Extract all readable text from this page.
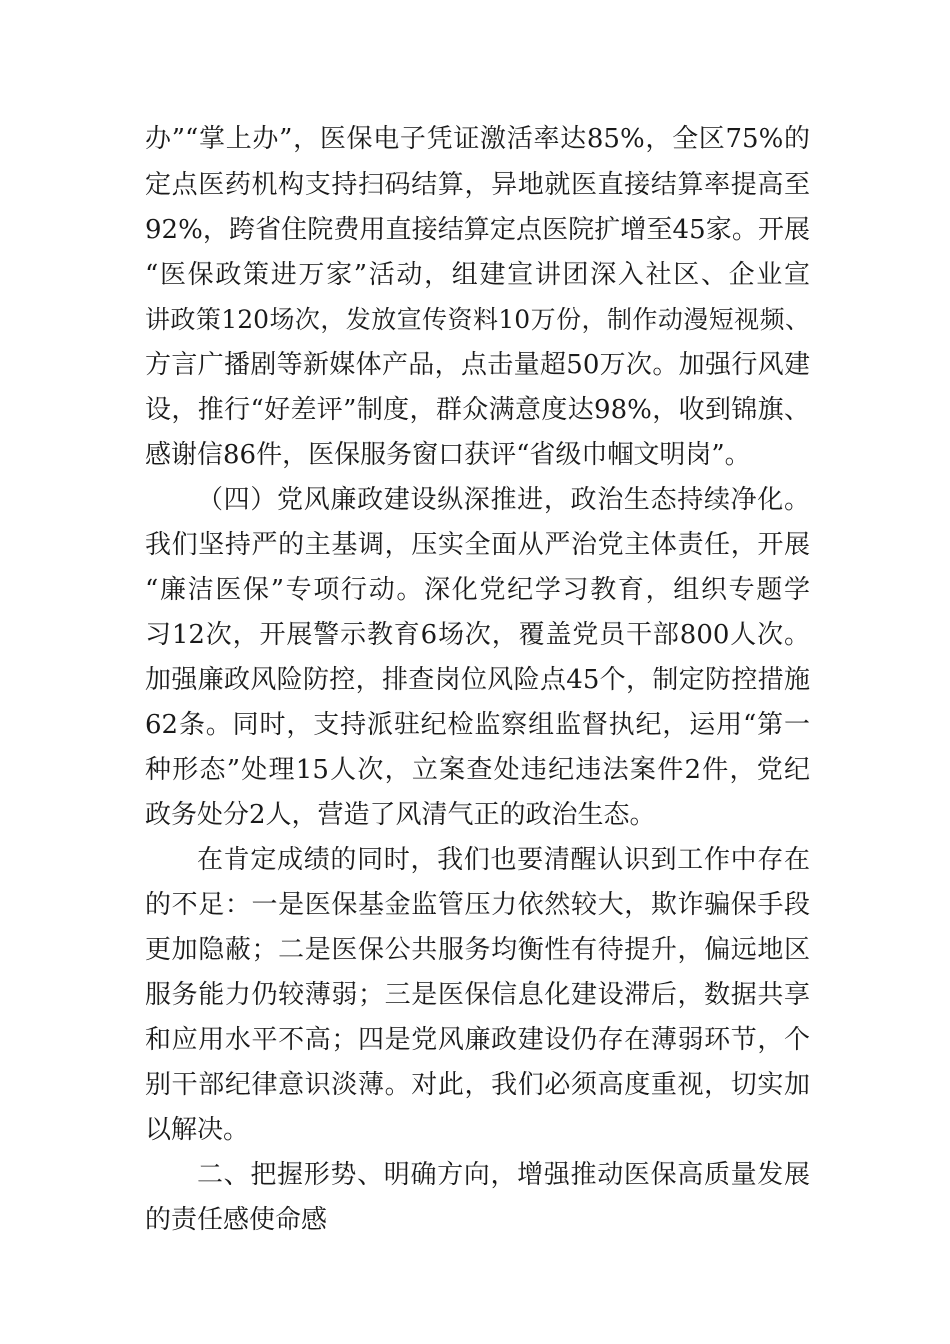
办”“掌上办”，医保电子凭证激活率达85%，全区75%的
定点医药机构支持扫码结算，异地就医直接结算率提高至
92%，跨省住院费用直接结算定点医院扩增至45家。开展
“医保政策进万家”活动，组建宣讲团深入社区、企业宣
讲政策120场次，发放宣传资料10万份，制作动漫短视频、
方言广播剧等新媒体产品，点击量超50万次。加强行风建
设，推行“好差评”制度，群众满意度达98%，收到锦旗、
感谢信86件，医保服务窗口获评“省级巾帼文明岗”。
（四）党风廉政建设纵深推进，政治生态持续净化。
我们坚持严的主基调，压实全面从严治党主体责任，开展
“廉洁医保”专项行动。深化党纪学习教育，组织专题学
习12次，开展警示教育6场次，覆盖党员干部800人次。
加强廉政风险防控，排查岗位风险点45个，制定防控措施
62条。同时，支持派驻纪检监察组监督执纪，运用“第一
种形态”处理15人次，立案查处违纪违法案件2件，党纪
政务处分2人，营造了风清气正的政治生态。
在肯定成绩的同时，我们也要清醒认识到工作中存在
的不足：一是医保基金监管压力依然较大，欺诈骗保手段
更加隐蔽；二是医保公共服务均衡性有待提升，偏远地区
服务能力仍较薄弱；三是医保信息化建设滞后，数据共享
和应用水平不高；四是党风廉政建设仍存在薄弱环节，个
别干部纪律意识淡薄。对此，我们必须高度重视，切实加
以解决。
二、把握形势、明确方向，增强推动医保高质量发展
的责任感使命感
